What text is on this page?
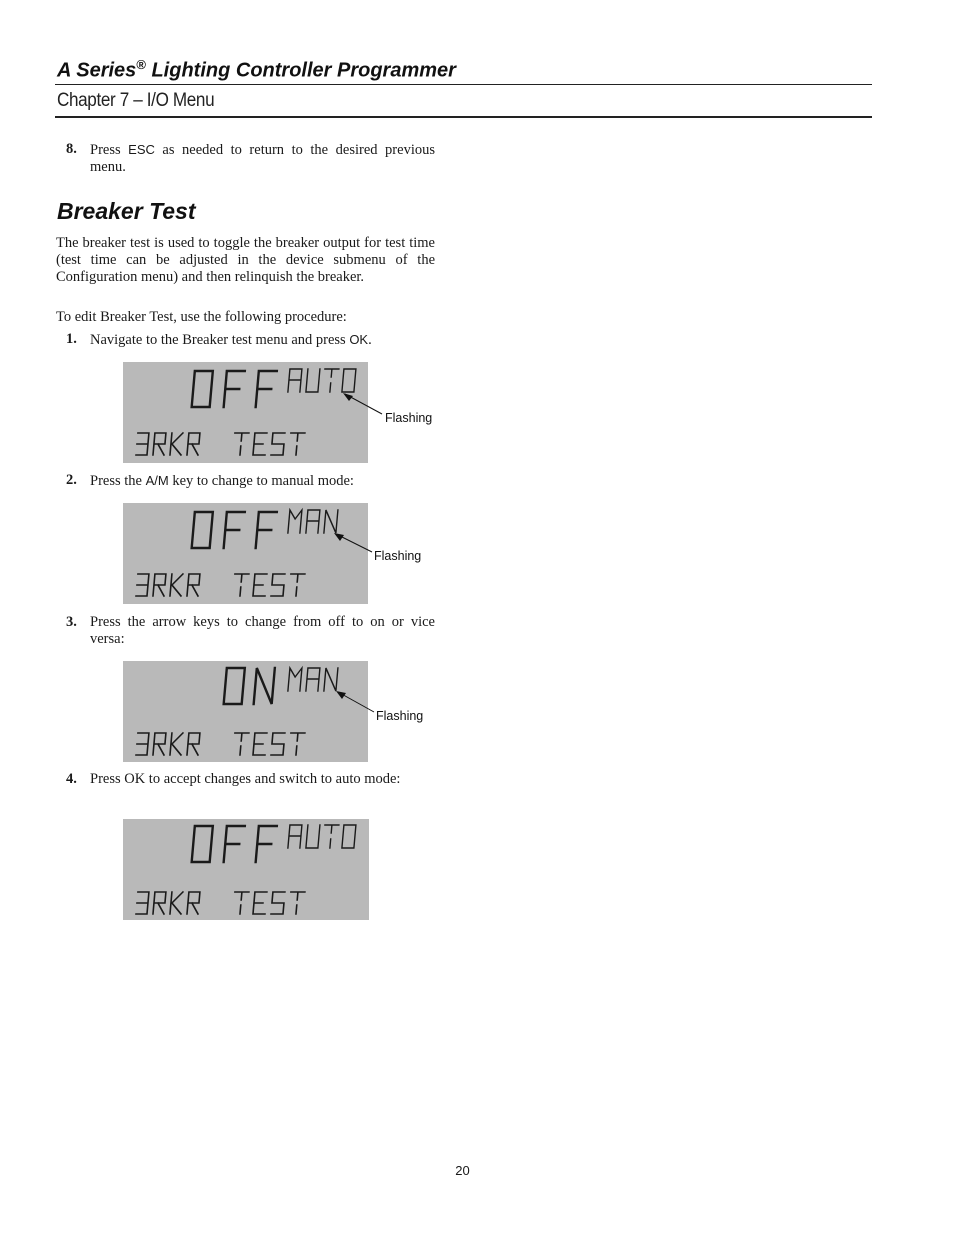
A Series® Lighting Controller Programmer
Chapter 7 – I/O Menu
8. Press ESC as needed to return to the desired previous menu.
Breaker Test

The breaker test is used to toggle the breaker output for test time (test time can be adjusted in the device submenu of the Configuration menu) and then relinquish the breaker.

To edit Breaker Test, use the following procedure:

1. Navigate to the Breaker test menu and press OK.
Flashing
2. Press the A/M key to change to manual mode:
Flashing
3. Press the arrow keys to change from off to on or vice versa:
Flashing
4. Press OK to accept changes and switch to auto mode:
20
